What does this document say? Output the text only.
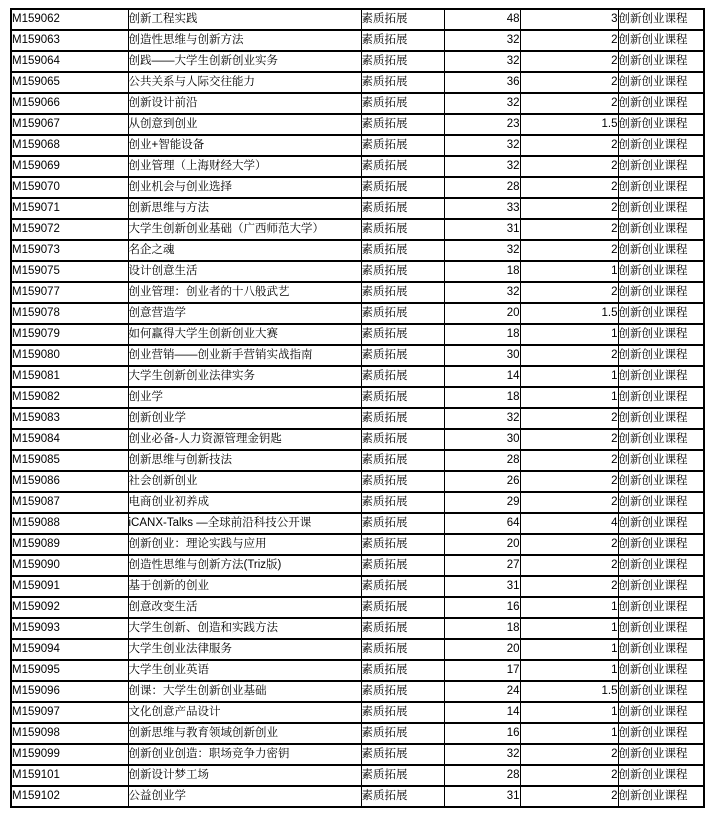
M159062	创新工程实践	素质拓展	48	3	创新创业课程
M159063	创造性思维与创新方法	素质拓展	32	2	创新创业课程
M159064	创践——大学生创新创业实务	素质拓展	32	2	创新创业课程
M159065	公共关系与人际交往能力	素质拓展	36	2	创新创业课程
M159066	创新设计前沿	素质拓展	32	2	创新创业课程
M159067	从创意到创业	素质拓展	23	1.5	创新创业课程
M159068	创业+智能设备	素质拓展	32	2	创新创业课程
M159069	创业管理（上海财经大学）	素质拓展	32	2	创新创业课程
M159070	创业机会与创业选择	素质拓展	28	2	创新创业课程
M159071	创新思维与方法	素质拓展	33	2	创新创业课程
M159072	大学生创新创业基础（广西师范大学）	素质拓展	31	2	创新创业课程
M159073	名企之魂	素质拓展	32	2	创新创业课程
M159075	设计创意生活	素质拓展	18	1	创新创业课程
M159077	创业管理：创业者的十八般武艺	素质拓展	32	2	创新创业课程
M159078	创意营造学	素质拓展	20	1.5	创新创业课程
M159079	如何赢得大学生创新创业大赛	素质拓展	18	1	创新创业课程
M159080	创业营销——创业新手营销实战指南	素质拓展	30	2	创新创业课程
M159081	大学生创新创业法律实务	素质拓展	14	1	创新创业课程
M159082	创业学	素质拓展	18	1	创新创业课程
M159083	创新创业学	素质拓展	32	2	创新创业课程
M159084	创业必备-人力资源管理金钥匙	素质拓展	30	2	创新创业课程
M159085	创新思维与创新技法	素质拓展	28	2	创新创业课程
M159086	社会创新创业	素质拓展	26	2	创新创业课程
M159087	电商创业初养成	素质拓展	29	2	创新创业课程
M159088	iCANX-Talks —全球前沿科技公开课	素质拓展	64	4	创新创业课程
M159089	创新创业：理论实践与应用	素质拓展	20	2	创新创业课程
M159090	创造性思维与创新方法(Triz版)	素质拓展	27	2	创新创业课程
M159091	基于创新的创业	素质拓展	31	2	创新创业课程
M159092	创意改变生活	素质拓展	16	1	创新创业课程
M159093	大学生创新、创造和实践方法	素质拓展	18	1	创新创业课程
M159094	大学生创业法律服务	素质拓展	20	1	创新创业课程
M159095	大学生创业英语	素质拓展	17	1	创新创业课程
M159096	创课：大学生创新创业基础	素质拓展	24	1.5	创新创业课程
M159097	文化创意产品设计	素质拓展	14	1	创新创业课程
M159098	创新思维与教育领域创新创业	素质拓展	16	1	创新创业课程
M159099	创新创业创造：职场竞争力密钥	素质拓展	32	2	创新创业课程
M159101	创新设计梦工场	素质拓展	28	2	创新创业课程
M159102	公益创业学	素质拓展	31	2	创新创业课程
